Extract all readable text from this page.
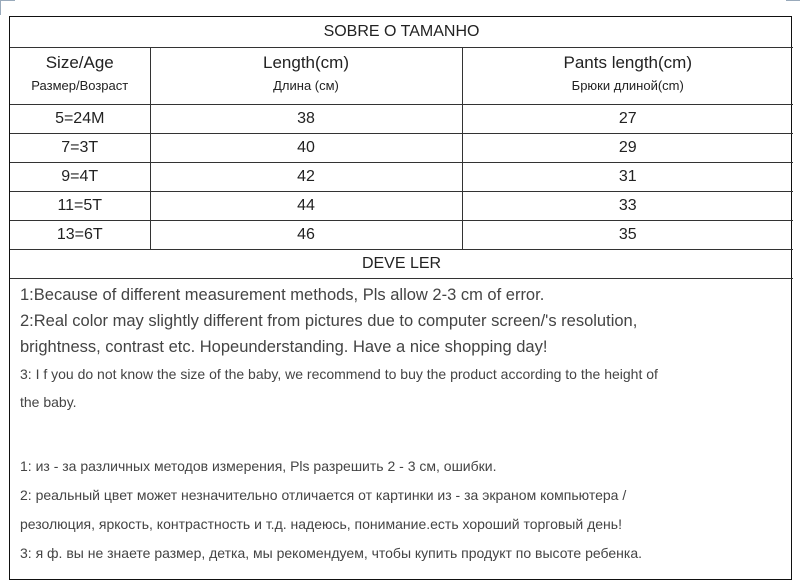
SOBRE O TAMANHO		
Size/Age	Length(cm)	Pants length(cm)
Размер/Возраст	Длина (см)	Брюки длиной(cm)
5=24M	38	27
7=3T	40	29
9=4T	42	31
11=5T	44	33
13=6T	46	35
DEVE LER		

1:Because of different measurement methods, Pls allow 2-3 cm of error.

2:Real color may slightly different from pictures due to computer screen/'s resolution,

brightness, contrast etc. Hopeunderstanding. Have a nice shopping day!

3: I f you do not know the size of the baby, we recommend to buy the product according to the height of

the baby.

1: из - за различных методов измерения, Pls разрешить 2 - 3 см, ошибки.

2: реальный цвет может незначительно отличается от картинки из - за экраном компьютера /

резолюция, яркость, контрастность и т.д. надеюсь, понимание.есть хороший торговый день!

3: я ф. вы не знаете размер, детка, мы рекомендуем, чтобы купить продукт по высоте ребенка.
